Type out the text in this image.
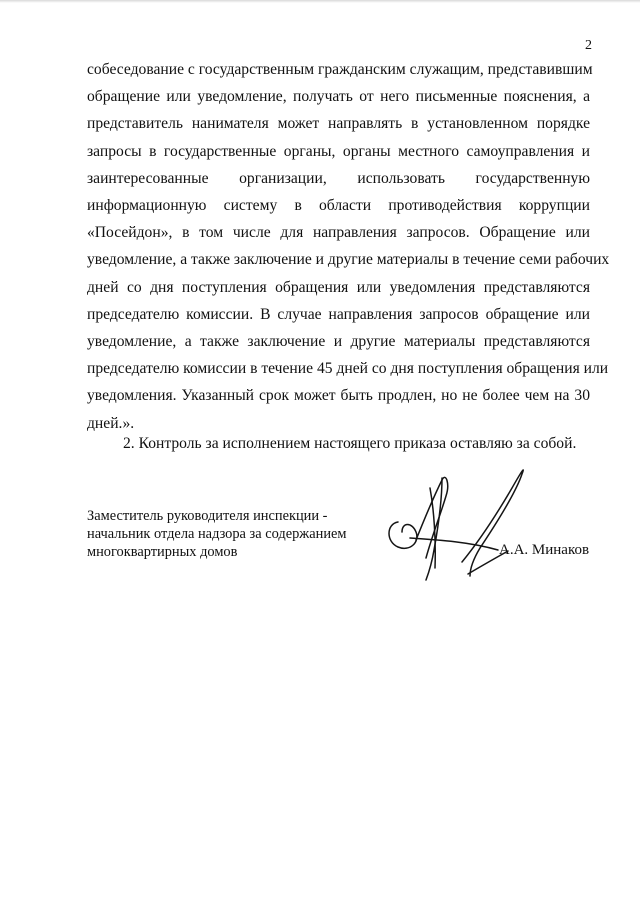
2
собеседование с государственным гражданским служащим, представившим
обращение или уведомление, получать от него письменные пояснения, а
представитель нанимателя может направлять в установленном порядке
запросы в государственные органы, органы местного самоуправления и
заинтересованные организации, использовать государственную
информационную систему в области противодействия коррупции
«Посейдон», в том числе для направления запросов. Обращение или
уведомление, а также заключение и другие материалы в течение семи рабочих
дней со дня поступления обращения или уведомления представляются
председателю комиссии. В случае направления запросов обращение или
уведомление, а также заключение и другие материалы представляются
председателю комиссии в течение 45 дней со дня поступления обращения или
уведомления. Указанный срок может быть продлен, но не более чем на 30
дней.».
2. Контроль за исполнением настоящего приказа оставляю за собой.
Заместитель руководителя инспекции -
начальник отдела надзора за содержанием
многоквартирных домов	А.А. Минаков
